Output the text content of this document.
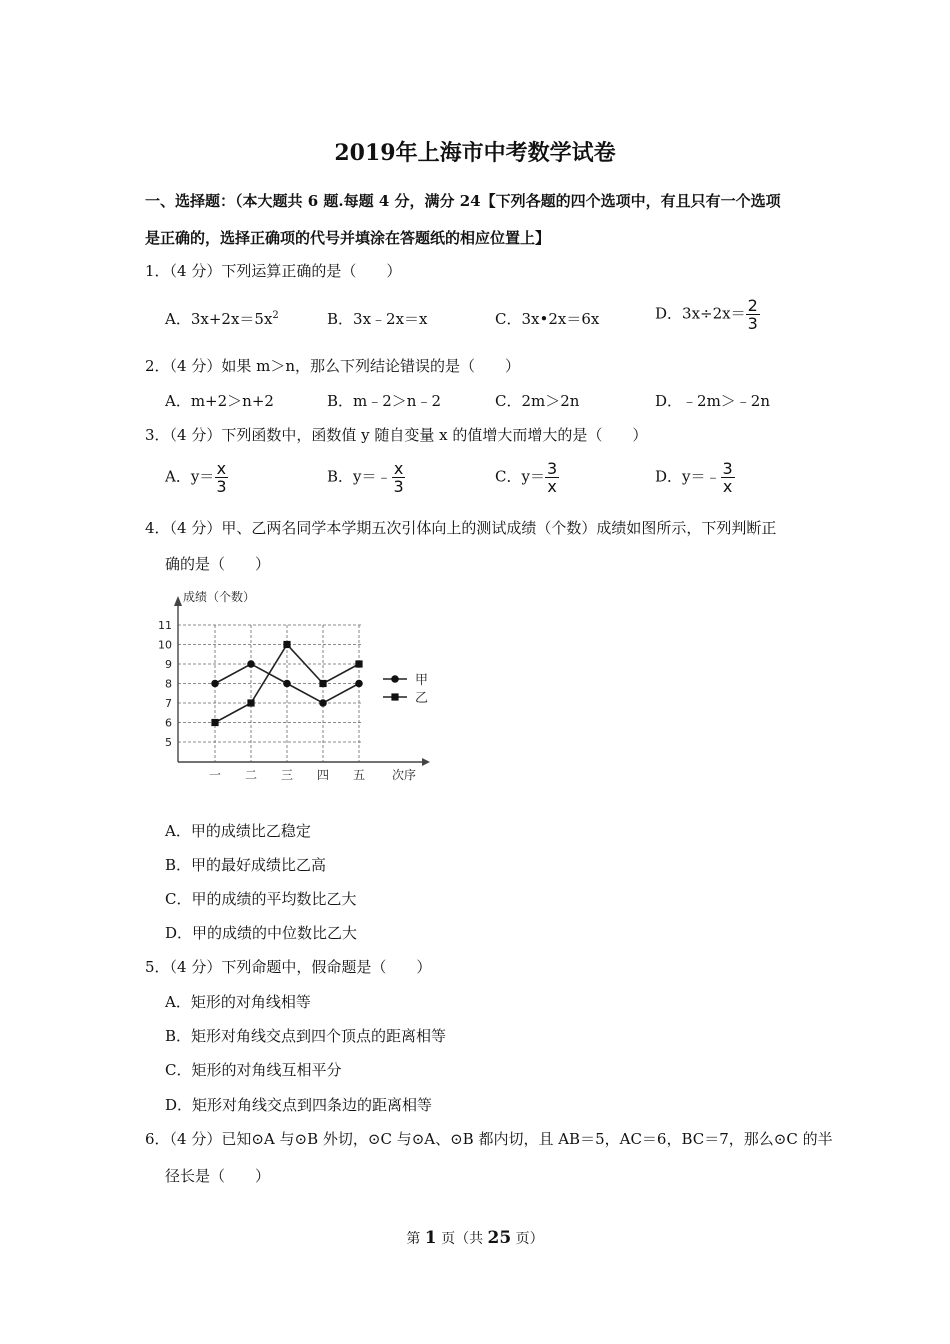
2019年上海市中考数学试卷
一、选择题：（本大题共 6 题.每题 4 分，满分 24【下列各题的四个选项中，有且只有一个选项
是正确的，选择正确项的代号并填涂在答题纸的相应位置上】
1．（4 分）下列运算正确的是（　　）
A．$3x+2x=5x^2$	B．3x﹣2x＝x	C．3x•2x＝6x	D．$3x\div 2x= \frac{2}{3}$
2．（4 分）如果 m＞n，那么下列结论错误的是（　　）
A．m+2＞n+2	B．m﹣2＞n﹣2	C．2m＞2n	D．﹣2m＞﹣2n
3．（4 分）下列函数中，函数值 y 随自变量 x 的值增大而增大的是（　　）
A．$y= \frac{x}{3}$	B．y＝﹣ $\frac{x}{3}$	C．$y= \frac{3}{x}$	D．y＝﹣ $\frac{3}{x}$
4．（4 分）甲、乙两名同学本学期五次引体向上的测试成绩（个数）成绩如图所示，下列判断正
确的是（　　）
成绩（个数）
次序
5
6
7
8
9
10
11
一 二 三 四 五
甲
乙
A．甲的成绩比乙稳定
B．甲的最好成绩比乙高
C．甲的成绩的平均数比乙大
D．甲的成绩的中位数比乙大
5．（4 分）下列命题中，假命题是（　　）
A．矩形的对角线相等
B．矩形对角线交点到四个顶点的距离相等
C．矩形的对角线互相平分
D．矩形对角线交点到四条边的距离相等
6．（4 分）已知⊙A 与⊙B 外切，⊙C 与⊙A、⊙B 都内切，且 AB＝5，AC＝6，BC＝7，那么⊙C 的半
径长是（　　）
第 1 页（共 25 页）
